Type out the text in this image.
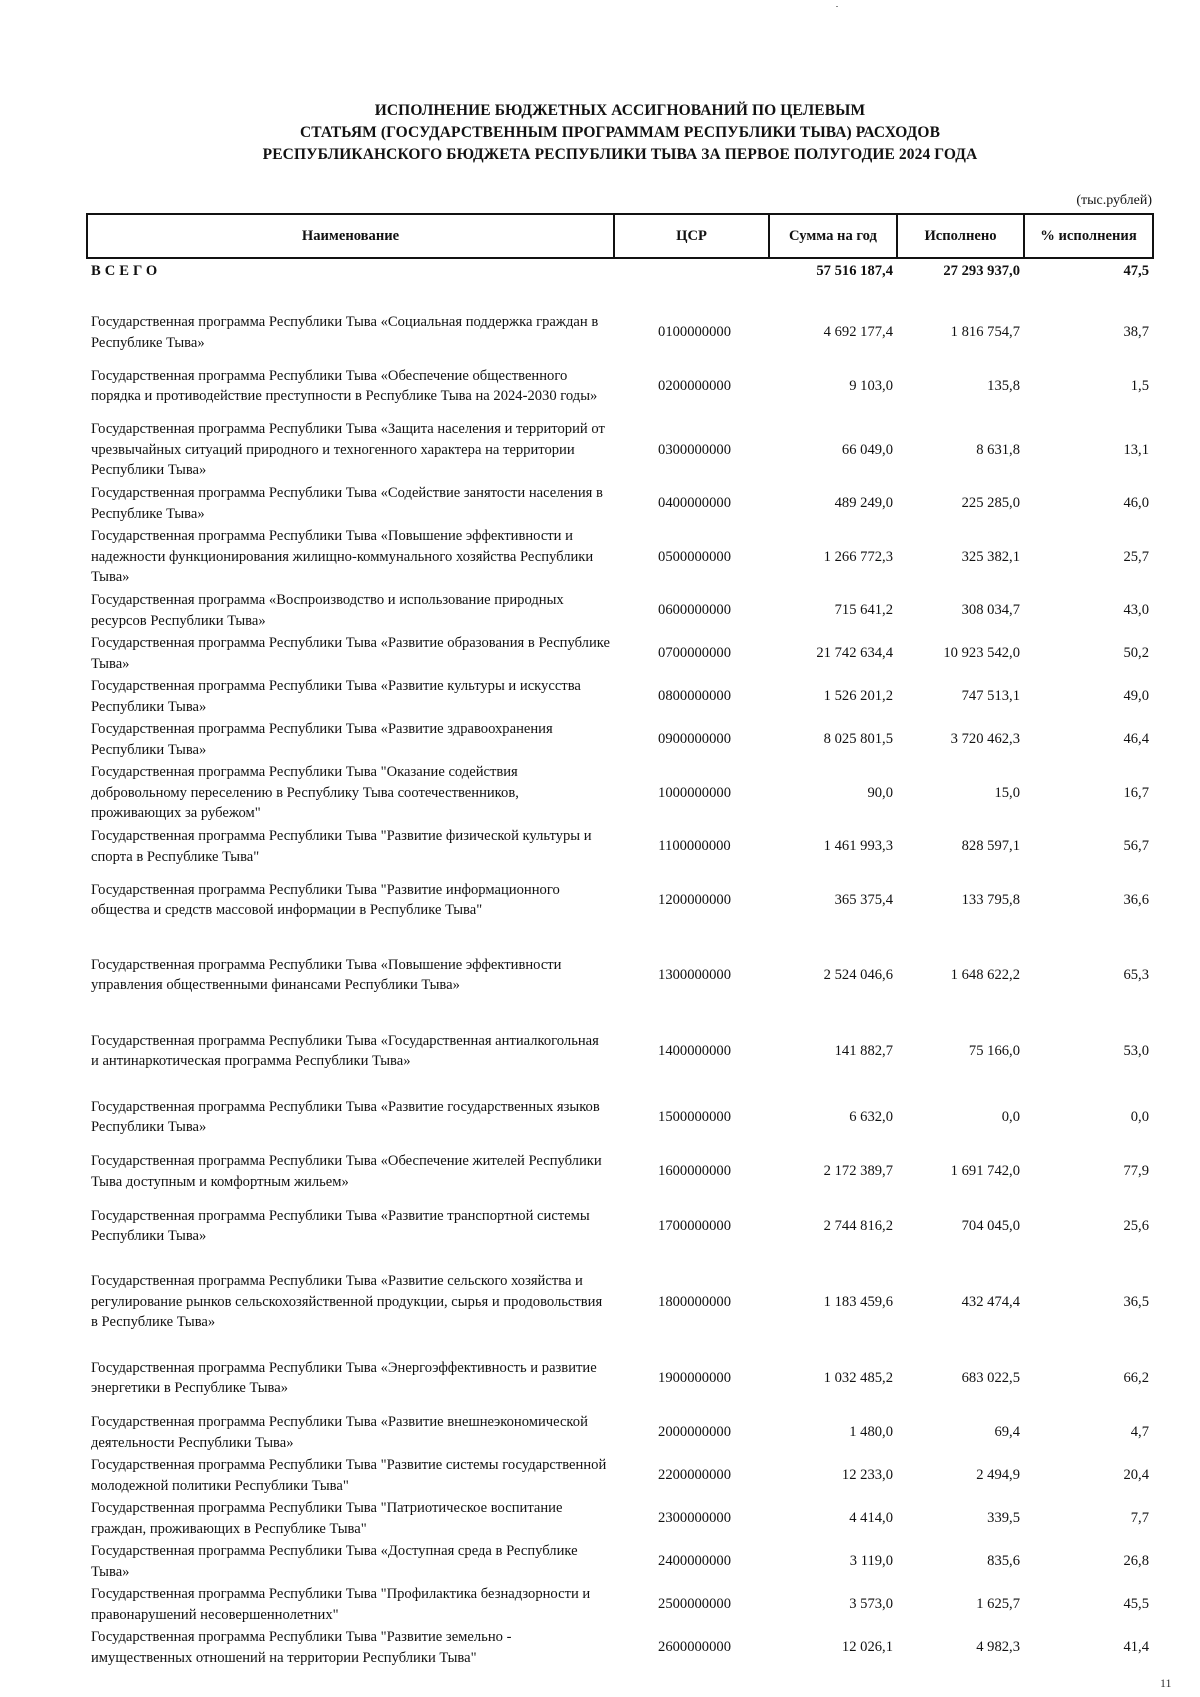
ИСПОЛНЕНИЕ БЮДЖЕТНЫХ АССИГНОВАНИЙ ПО ЦЕЛЕВЫМ
СТАТЬЯМ (ГОСУДАРСТВЕННЫМ ПРОГРАММАМ РЕСПУБЛИКИ ТЫВА) РАСХОДОВ
РЕСПУБЛИКАНСКОГО БЮДЖЕТА РЕСПУБЛИКИ ТЫВА ЗА ПЕРВОЕ ПОЛУГОДИЕ 2024 ГОДА
(тыс.рублей)
Наименование	ЦСР	Сумма на год	Исполнено	% исполнения
ВСЕГО		57 516 187,4	27 293 937,0	47,5

Государственная программа Республики Тыва «Социальная поддержка граждан в Республике Тыва»	0100000000	4 692 177,4	1 816 754,7	38,7
Государственная программа Республики Тыва «Обеспечение общественного порядка и противодействие преступности в Республике Тыва на 2024-2030 годы»	0200000000	9 103,0	135,8	1,5
Государственная программа Республики Тыва «Защита населения и территорий от чрезвычайных ситуаций природного и техногенного характера на территории Республики Тыва»	0300000000	66 049,0	8 631,8	13,1
Государственная программа Республики Тыва «Содействие занятости населения в Республике Тыва»	0400000000	489 249,0	225 285,0	46,0
Государственная программа Республики Тыва «Повышение эффективности и надежности функционирования жилищно-коммунального хозяйства Республики Тыва»	0500000000	1 266 772,3	325 382,1	25,7
Государственная программа «Воспроизводство и использование природных ресурсов Республики Тыва»	0600000000	715 641,2	308 034,7	43,0
Государственная программа Республики Тыва «Развитие образования в Республике Тыва»	0700000000	21 742 634,4	10 923 542,0	50,2
Государственная программа Республики Тыва «Развитие культуры и искусства Республики Тыва»	0800000000	1 526 201,2	747 513,1	49,0
Государственная программа Республики Тыва «Развитие здравоохранения Республики Тыва»	0900000000	8 025 801,5	3 720 462,3	46,4
Государственная программа Республики Тыва "Оказание содействия добровольному переселению в Республику Тыва соотечественников, проживающих за рубежом"	1000000000	90,0	15,0	16,7
Государственная программа Республики Тыва "Развитие физической культуры и спорта в Республике Тыва"	1100000000	1 461 993,3	828 597,1	56,7
Государственная программа Республики Тыва "Развитие информационного общества и средств массовой информации в Республике Тыва"	1200000000	365 375,4	133 795,8	36,6
Государственная программа Республики Тыва «Повышение эффективности управления общественными финансами Республики Тыва»	1300000000	2 524 046,6	1 648 622,2	65,3
Государственная программа Республики Тыва «Государственная антиалкогольная и антинаркотическая программа Республики Тыва»	1400000000	141 882,7	75 166,0	53,0
Государственная программа Республики Тыва «Развитие государственных языков Республики Тыва»	1500000000	6 632,0	0,0	0,0
Государственная программа Республики Тыва «Обеспечение жителей Республики Тыва доступным и комфортным жильем»	1600000000	2 172 389,7	1 691 742,0	77,9
Государственная программа Республики Тыва «Развитие транспортной системы Республики Тыва»	1700000000	2 744 816,2	704 045,0	25,6
Государственная программа Республики Тыва «Развитие сельского хозяйства и регулирование рынков сельскохозяйственной продукции, сырья и продовольствия в Республике Тыва»	1800000000	1 183 459,6	432 474,4	36,5
Государственная программа Республики Тыва «Энергоэффективность и развитие энергетики в Республике Тыва»	1900000000	1 032 485,2	683 022,5	66,2
Государственная программа Республики Тыва «Развитие внешнеэкономической деятельности Республики Тыва»	2000000000	1 480,0	69,4	4,7
Государственная программа Республики Тыва "Развитие системы государственной молодежной политики Республики Тыва"	2200000000	12 233,0	2 494,9	20,4
Государственная программа Республики Тыва "Патриотическое воспитание граждан, проживающих в Республике Тыва"	2300000000	4 414,0	339,5	7,7
Государственная программа Республики Тыва «Доступная среда в Республике Тыва»	2400000000	3 119,0	835,6	26,8
Государственная программа Республики Тыва "Профилактика безнадзорности и правонарушений несовершеннолетних"	2500000000	3 573,0	1 625,7	45,5
Государственная программа Республики Тыва "Развитие земельно - имущественных отношений на территории Республики Тыва"	2600000000	12 026,1	4 982,3	41,4
11
